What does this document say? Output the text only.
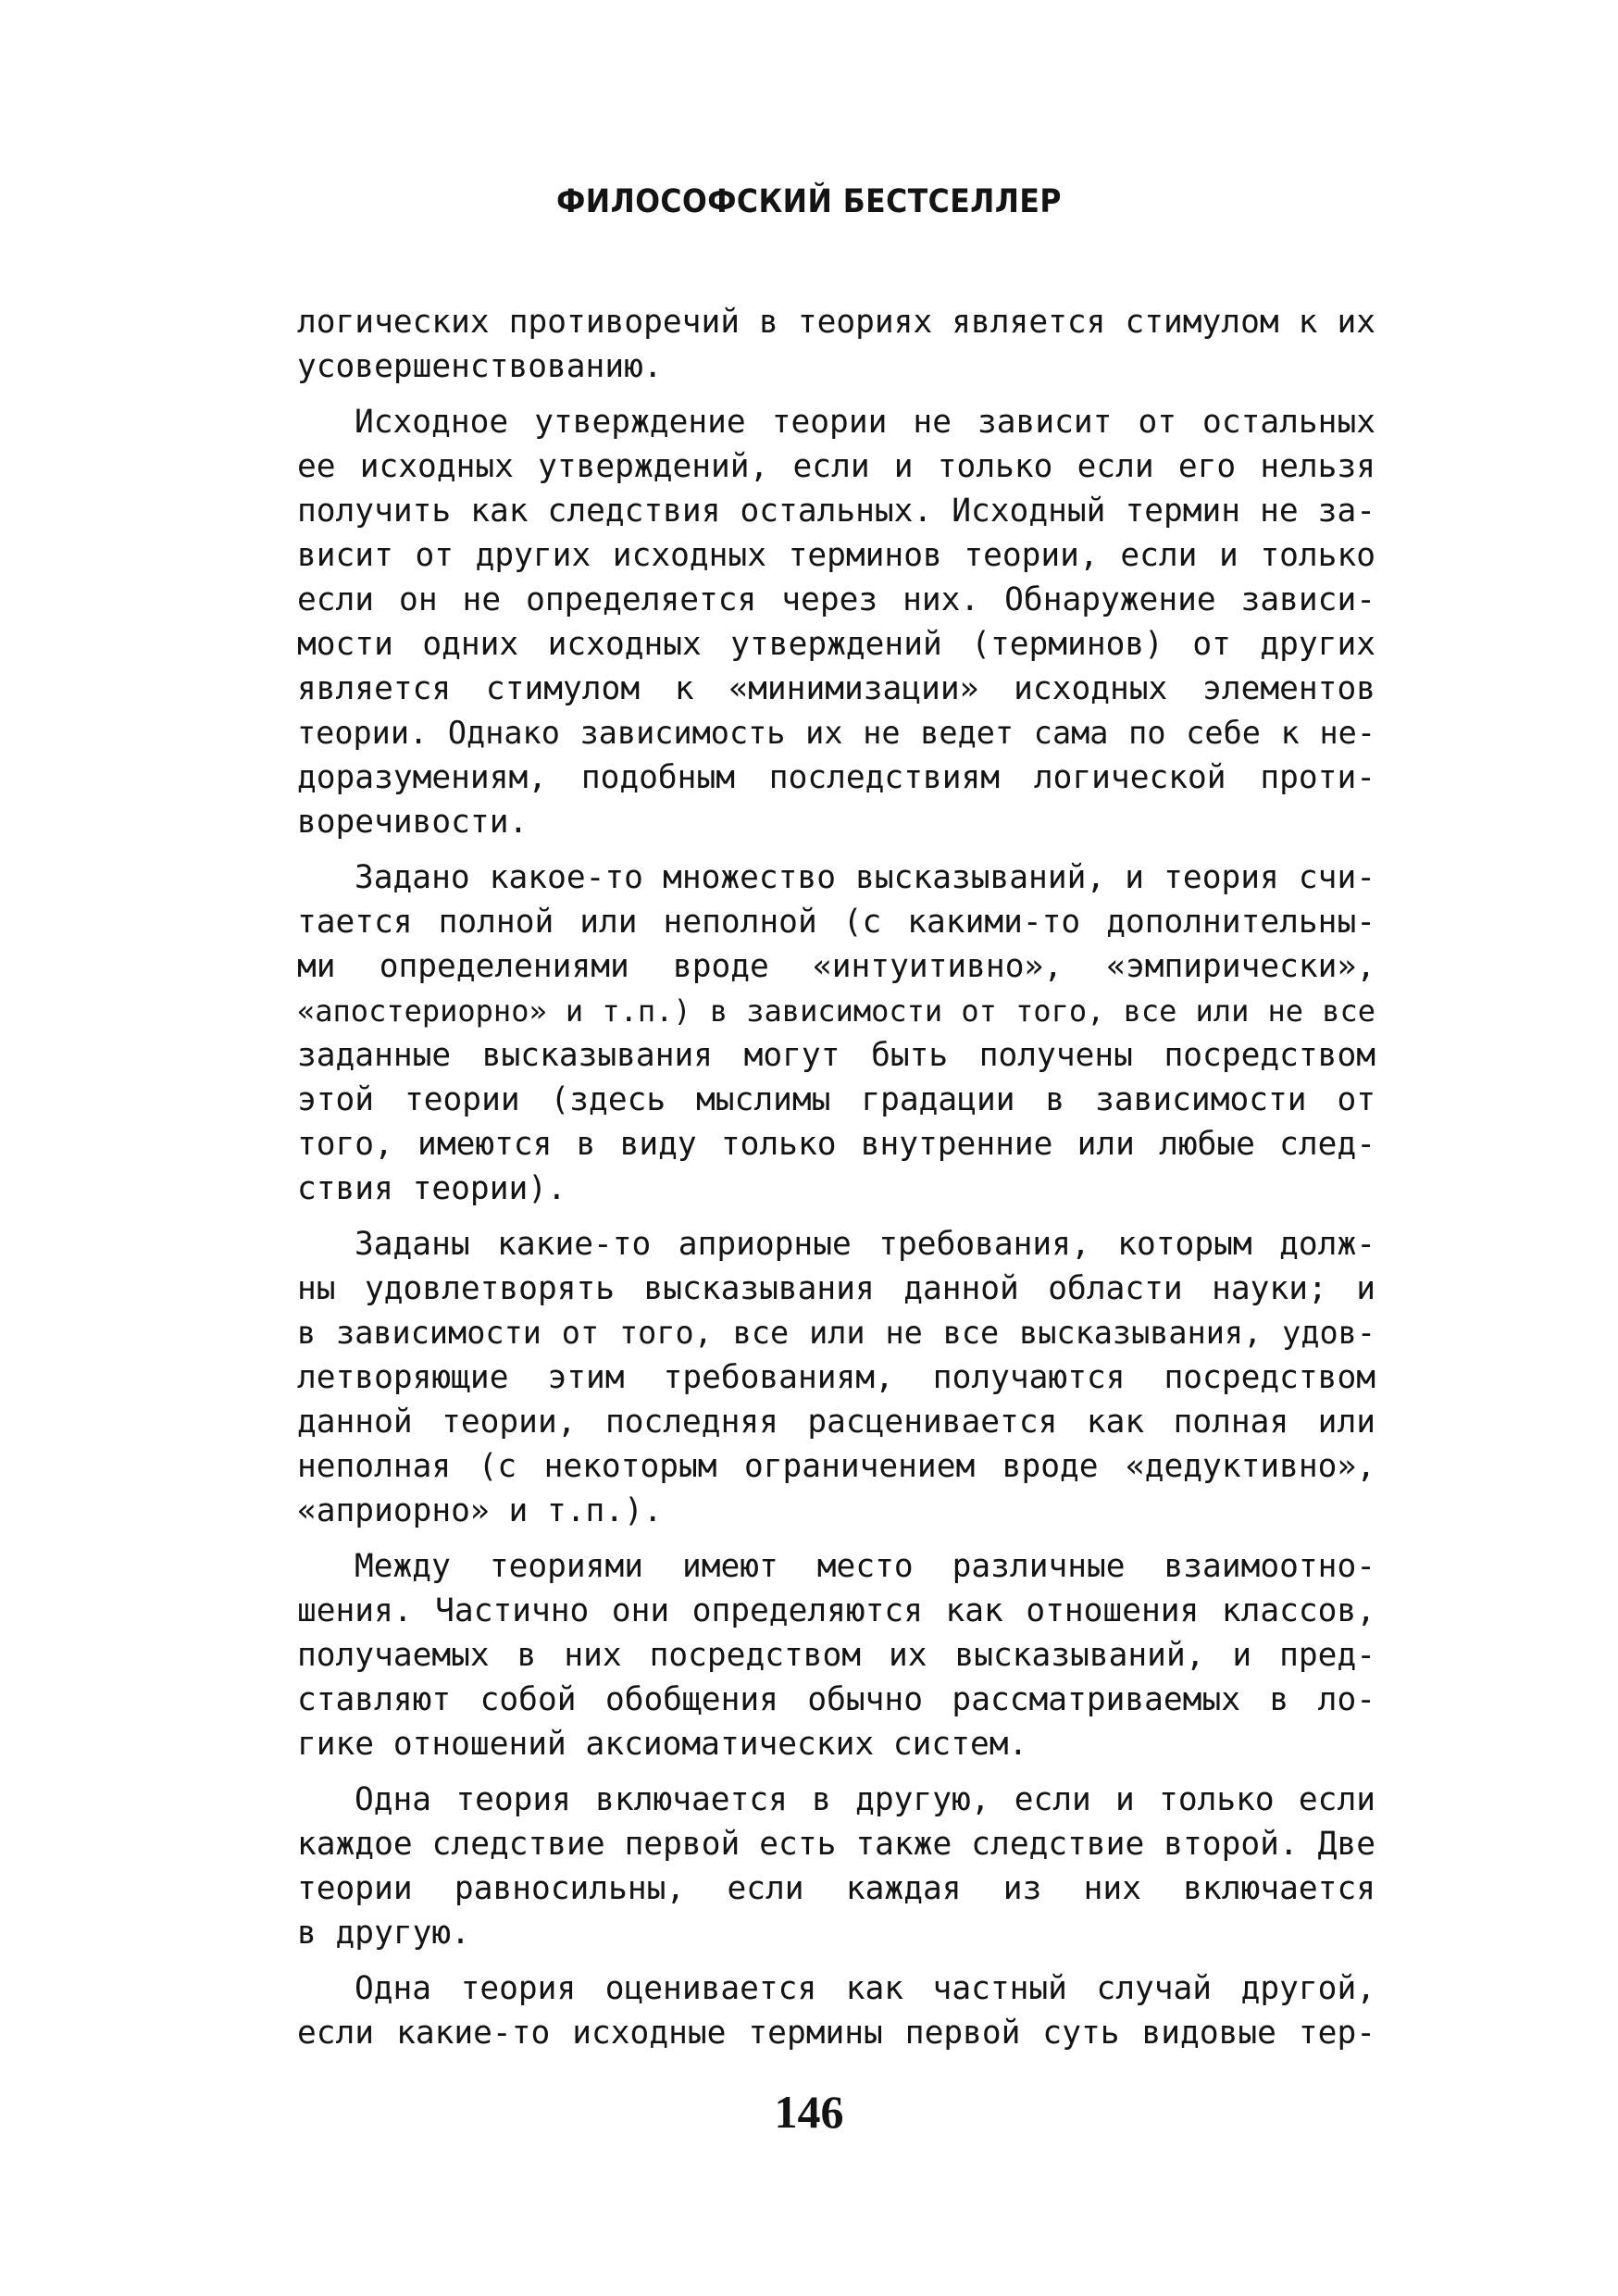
ФИЛОСОФСКИЙ БЕСТСЕЛЛЕР
логических противоречий в теориях является стимулом к их
усовершенствованию.
Исходное утверждение теории не зависит от остальных
ее исходных утверждений, если и только если его нельзя
получить как следствия остальных. Исходный термин не за-
висит от других исходных терминов теории, если и только
если он не определяется через них. Обнаружение зависи-
мости одних исходных утверждений (терминов) от других
является стимулом к «минимизации» исходных элементов
теории. Однако зависимость их не ведет сама по себе к не-
доразумениям, подобным последствиям логической проти-
воречивости.
Задано какое-то множество высказываний, и теория счи-
тается полной или неполной (с какими-то дополнительны-
ми определениями вроде «интуитивно», «эмпирически»,
«апостериорно» и т.п.) в зависимости от того, все или не все
заданные высказывания могут быть получены посредством
этой теории (здесь мыслимы градации в зависимости от
того, имеются в виду только внутренние или любые след-
ствия теории).
Заданы какие-то априорные требования, которым долж-
ны удовлетворять высказывания данной области науки; и
в зависимости от того, все или не все высказывания, удов-
летворяющие этим требованиям, получаются посредством
данной теории, последняя расценивается как полная или
неполная (с некоторым ограничением вроде «дедуктивно»,
«априорно» и т.п.).
Между теориями имеют место различные взаимоотно-
шения. Частично они определяются как отношения классов,
получаемых в них посредством их высказываний, и пред-
ставляют собой обобщения обычно рассматриваемых в ло-
гике отношений аксиоматических систем.
Одна теория включается в другую, если и только если
каждое следствие первой есть также следствие второй. Две
теории равносильны, если каждая из них включается
в другую.
Одна теория оценивается как частный случай другой,
если какие-то исходные термины первой суть видовые тер-
146
